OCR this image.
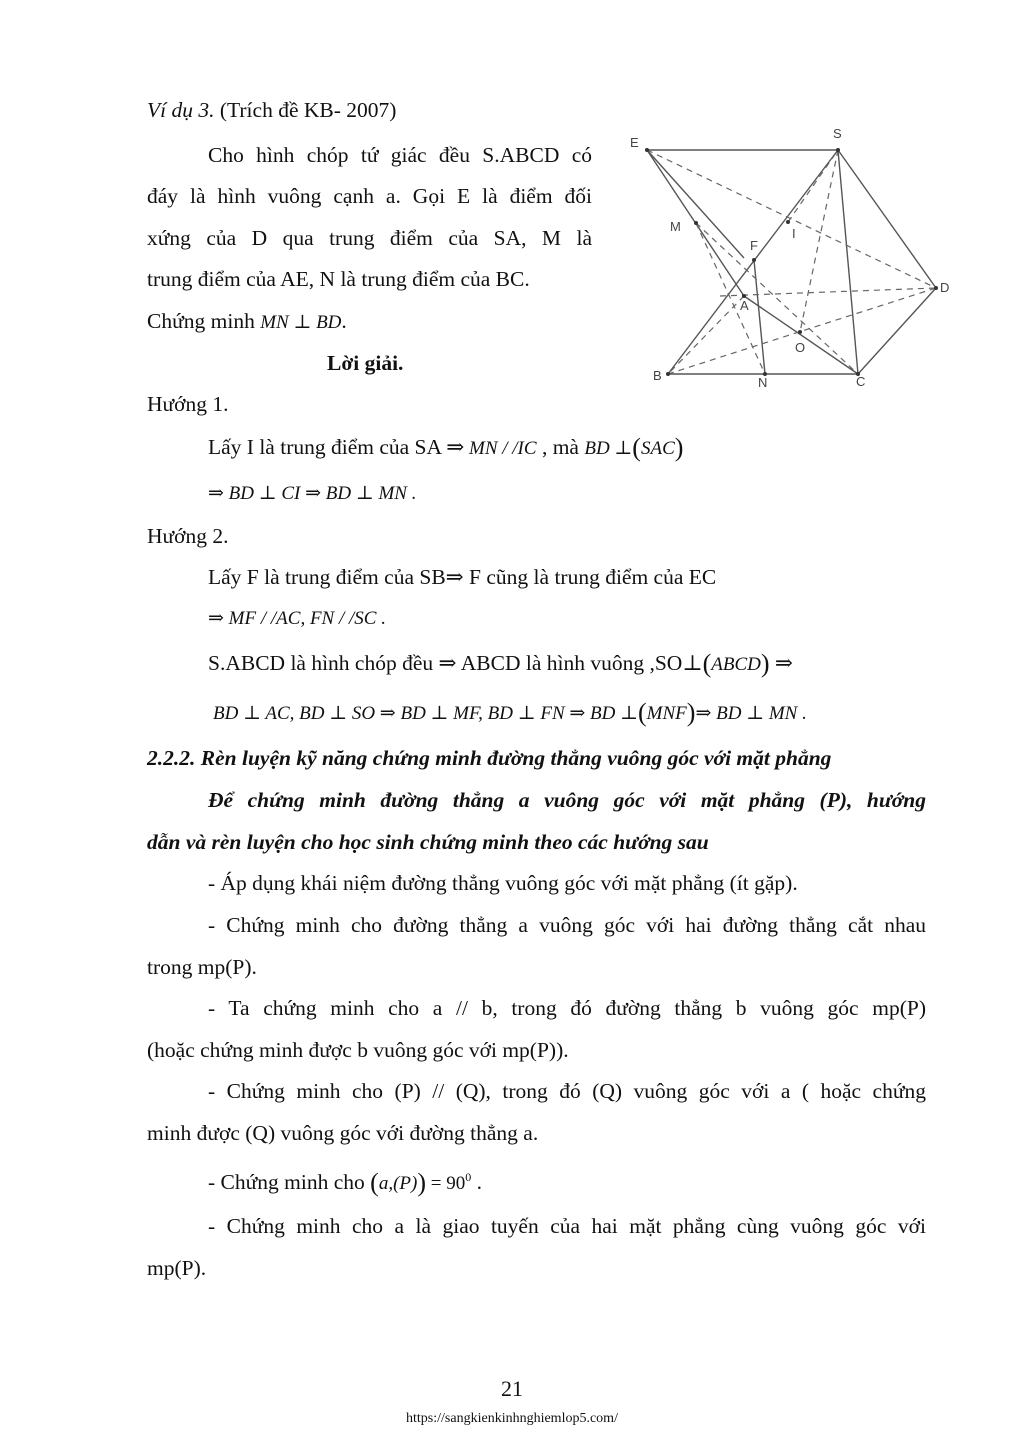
Ví dụ 3. (Trích đề KB- 2007)
Cho hình chóp tứ giác đều S.ABCD có
đáy là hình vuông cạnh a. Gọi E là điểm đối
xứng của D qua trung điểm của SA, M là
trung điểm của AE, N là trung điểm của BC.
Chứng minh MN ⊥ BD.
Lời giải.
E
S
M
F
I
D
A
O
B	N	C
Hướng 1.
Lấy I là trung điểm của SA ⇒ MN / /IC , mà BD ⊥(SAC)
⇒ BD ⊥ CI ⇒ BD ⊥ MN .
Hướng 2.
Lấy F là trung điểm của SB⇒ F cũng là trung điểm của EC
⇒ MF / /AC, FN / /SC .
S.ABCD là hình chóp đều ⇒ ABCD là hình vuông ,SO⊥(ABCD) ⇒
BD ⊥ AC, BD ⊥ SO ⇒ BD ⊥ MF, BD ⊥ FN ⇒ BD ⊥(MNF)⇒ BD ⊥ MN .
2.2.2. Rèn luyện kỹ năng chứng minh đường thẳng vuông góc với mặt phẳng
Để chứng minh đường thẳng a vuông góc với mặt phẳng (P), hướng
dẫn và rèn luyện cho học sinh chứng minh theo các hướng sau
- Áp dụng khái niệm đường thẳng vuông góc với mặt phẳng (ít gặp).
- Chứng minh cho đường thẳng a vuông góc với hai đường thẳng cắt nhau
trong mp(P).
- Ta chứng minh cho a // b, trong đó đường thẳng b vuông góc mp(P)
(hoặc chứng minh được b vuông góc với mp(P)).
- Chứng minh cho (P) // (Q), trong đó (Q) vuông góc với a ( hoặc chứng
minh được (Q) vuông góc với đường thẳng a.
- Chứng minh cho $(a,(P)) = 90^0$ .
- Chứng minh cho a là giao tuyến của hai mặt phẳng cùng vuông góc với
mp(P).
21
https://sangkienkinhnghiemlop5.com/
